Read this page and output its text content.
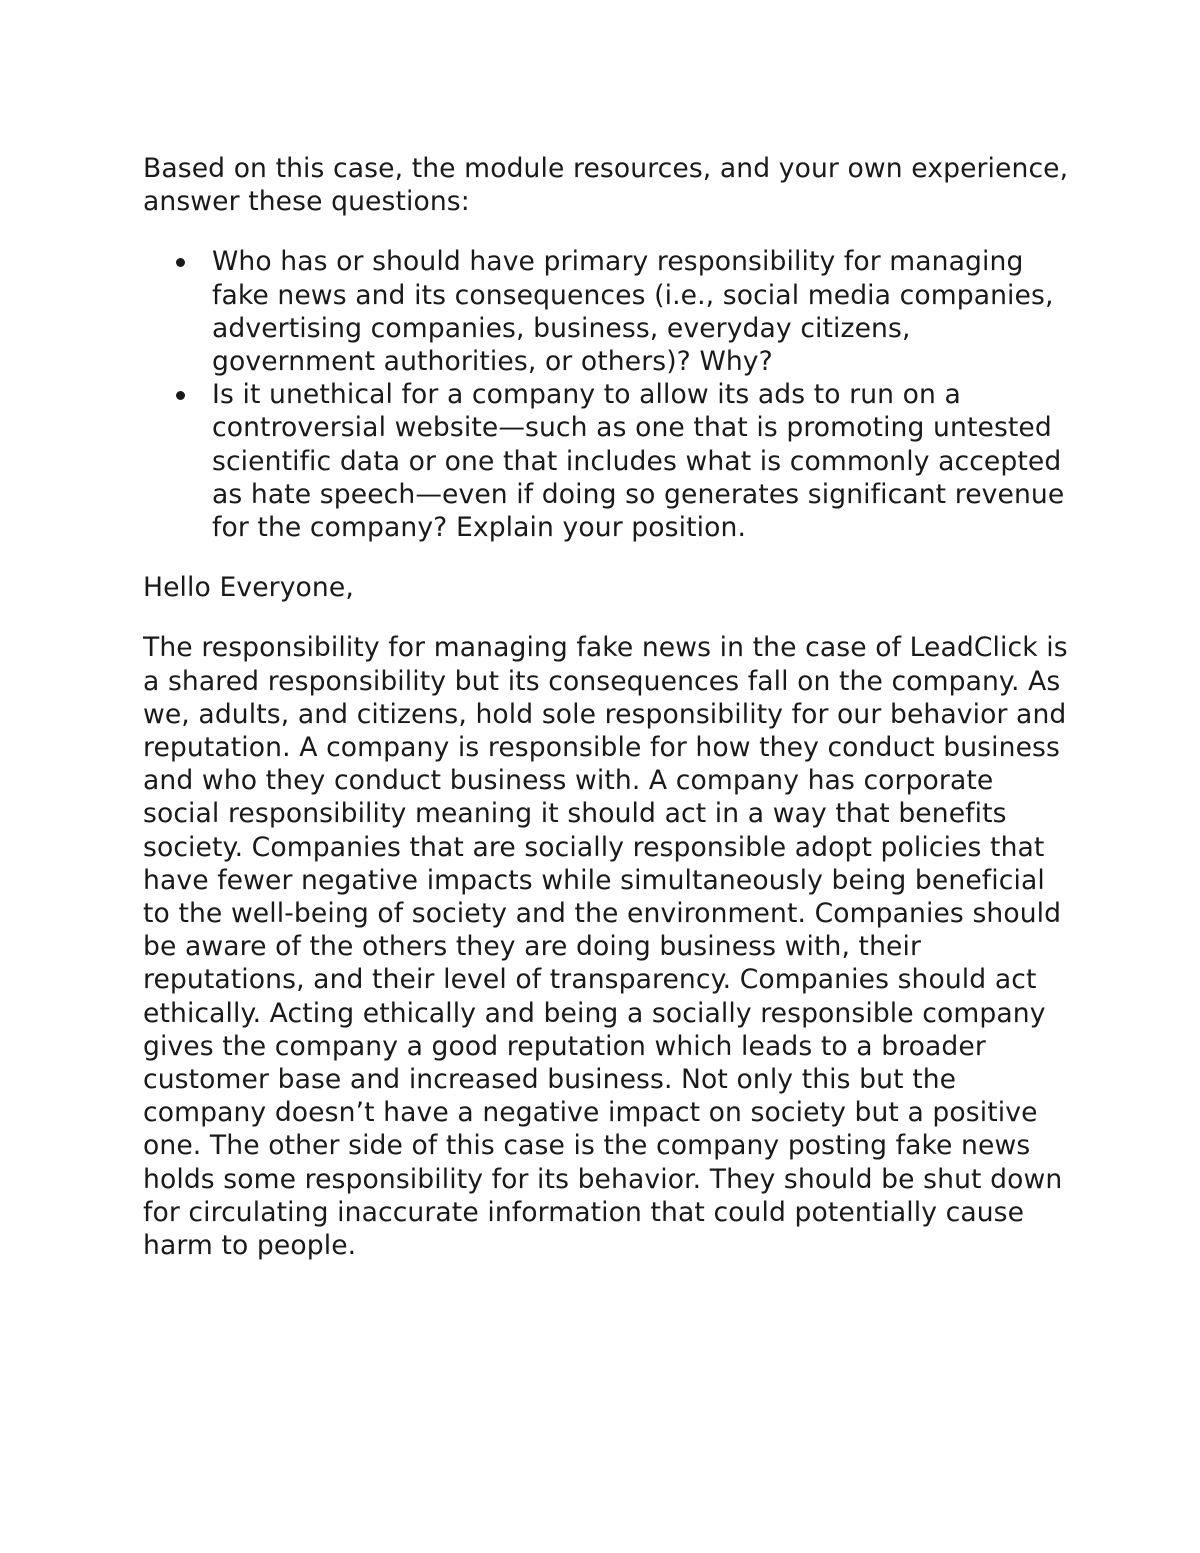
Based on this case, the module resources, and your own experience, answer these questions:

Who has or should have primary responsibility for managing fake news and its consequences (i.e., social media companies, advertising companies, business, everyday citizens, government authorities, or others)? Why?
Is it unethical for a company to allow its ads to run on a controversial website—such as one that is promoting untested scientific data or one that includes what is commonly accepted as hate speech—even if doing so generates significant revenue for the company? Explain your position.

Hello Everyone,

The responsibility for managing fake news in the case of LeadClick is a shared responsibility but its consequences fall on the company. As we, adults, and citizens, hold sole responsibility for our behavior and reputation. A company is responsible for how they conduct business and who they conduct business with. A company has corporate social responsibility meaning it should act in a way that benefits society. Companies that are socially responsible adopt policies that have fewer negative impacts while simultaneously being beneficial to the well-being of society and the environment. Companies should be aware of the others they are doing business with, their reputations, and their level of transparency. Companies should act ethically. Acting ethically and being a socially responsible company gives the company a good reputation which leads to a broader customer base and increased business. Not only this but the company doesn’t have a negative impact on society but a positive one. The other side of this case is the company posting fake news holds some responsibility for its behavior. They should be shut down for circulating inaccurate information that could potentially cause harm to people.
